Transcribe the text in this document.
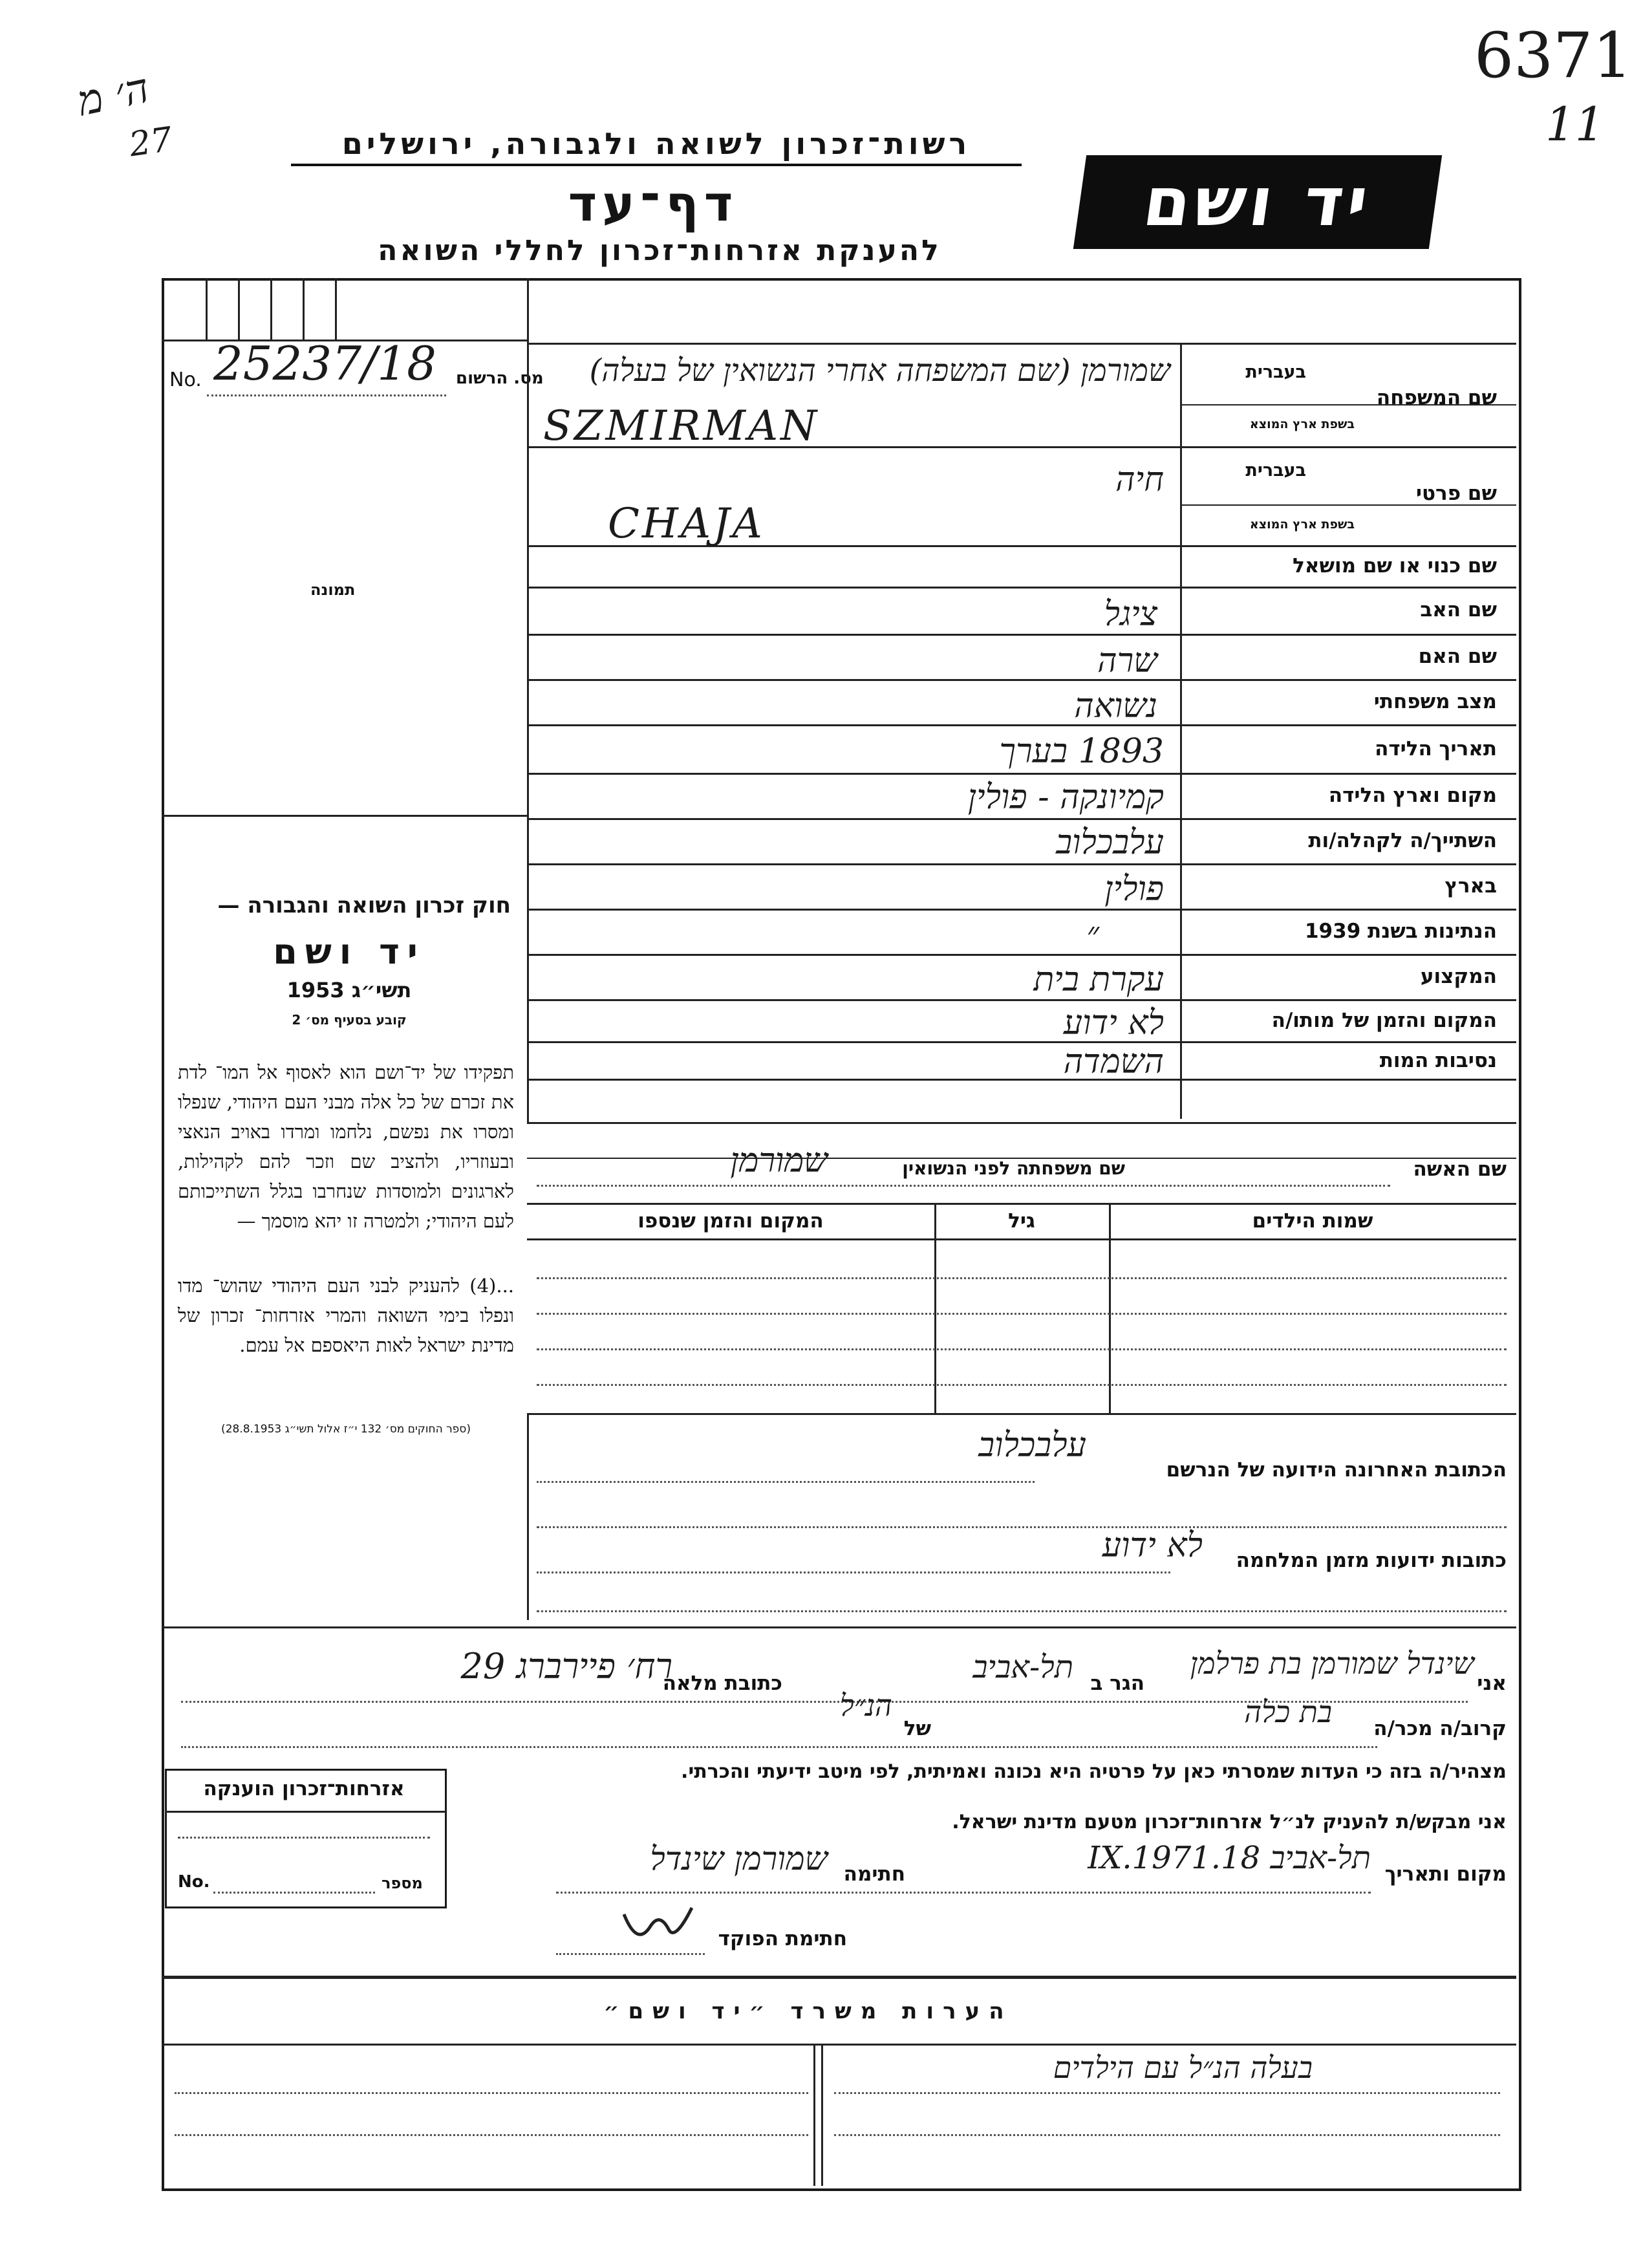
ה׳ מ
27
6371
11
רשות־זכרון לשואה ולגבורה, ירושלים
דף־עד
להענקת אזרחות־זכרון לחללי השואה
יד ושם
No. 25237/18 מס. הרשום
תמונה
חוק זכרון השואה והגבורה —
יד ושם
תשי״ג 1953
קובע בסעיף מס׳ 2
תפקידו של יד־ושם הוא לאסוף אל המו־ לדת את זכרם של כל אלה מבני העם היהודי, שנפלו ומסרו את נפשם, נלחמו ומרדו באויב הנאצי ובעוזריו, ולהציב שם וזכר להם לקהילות, לארגונים ולמוסדות שנחרבו בגלל השתייכותם לעם היהודי; ולמטרה זו יהא מוסמך —
...(4) להעניק לבני העם היהודי שהוש־ מדו ונפלו בימי השואה והמרי אזרחות־ זכרון של מדינת ישראל לאות היאספם אל עמם.
(ספר החוקים מס׳ 132 י״ז אלול תשי״ג 28.8.1953)
שם המשפחה
בעברית
בשפת ארץ המוצא
שמורמן (שם המשפחה אחרי הנשואין של בעלה)
SZMIRMAN
שם פרטי
בעברית
בשפת ארץ המוצא
חיה
CHAJA
שם כנוי או שם מושאל
שם האב
ציגל
שם האם
שרה
מצב משפחתי
נשואה
תאריך הלידה
1893 בערך
מקום וארץ הלידה
קמיונקה - פולין
השתייך/ה לקהלה/ות
עלבכלוב
בארץ
פולין
הנתינות בשנת 1939
״
המקצוע
עקרת בית
המקום והזמן של מותו/ה
לא ידוע
נסיבות המות
השמדה
שם האשה
שם משפחתה לפני הנשואין
שמורמן
שמות הילדים
גיל
המקום והזמן שנספו
הכתובת האחרונה הידועה של הנרשם
עלבכלוב
כתובות ידועות מזמן המלחמה
לא ידוע
אני
שינדל שמורמן בת פרלמן
הגר ב
תל-אביב
כתובת מלאה
רח׳ פיירברג 29
קרוב/ה מכר/ה
בת כלה
של
הנ״ל
מצהיר/ה בזה כי העדות שמסרתי כאן על פרטיה היא נכונה ואמיתית, לפי מיטב ידיעתי והכרתי.
אני מבקש/ת להעניק לנ״ל אזרחות־זכרון מטעם מדינת ישראל.
מקום ותאריך
תל-אביב 18.IX.1971
חתימה
שמורמן שינדל
חתימת הפוקד
אזרחות־זכרון הוענקה
No.	מספר
הערות משרד ״יד ושם״
בעלה הנ״ל עם הילדים
